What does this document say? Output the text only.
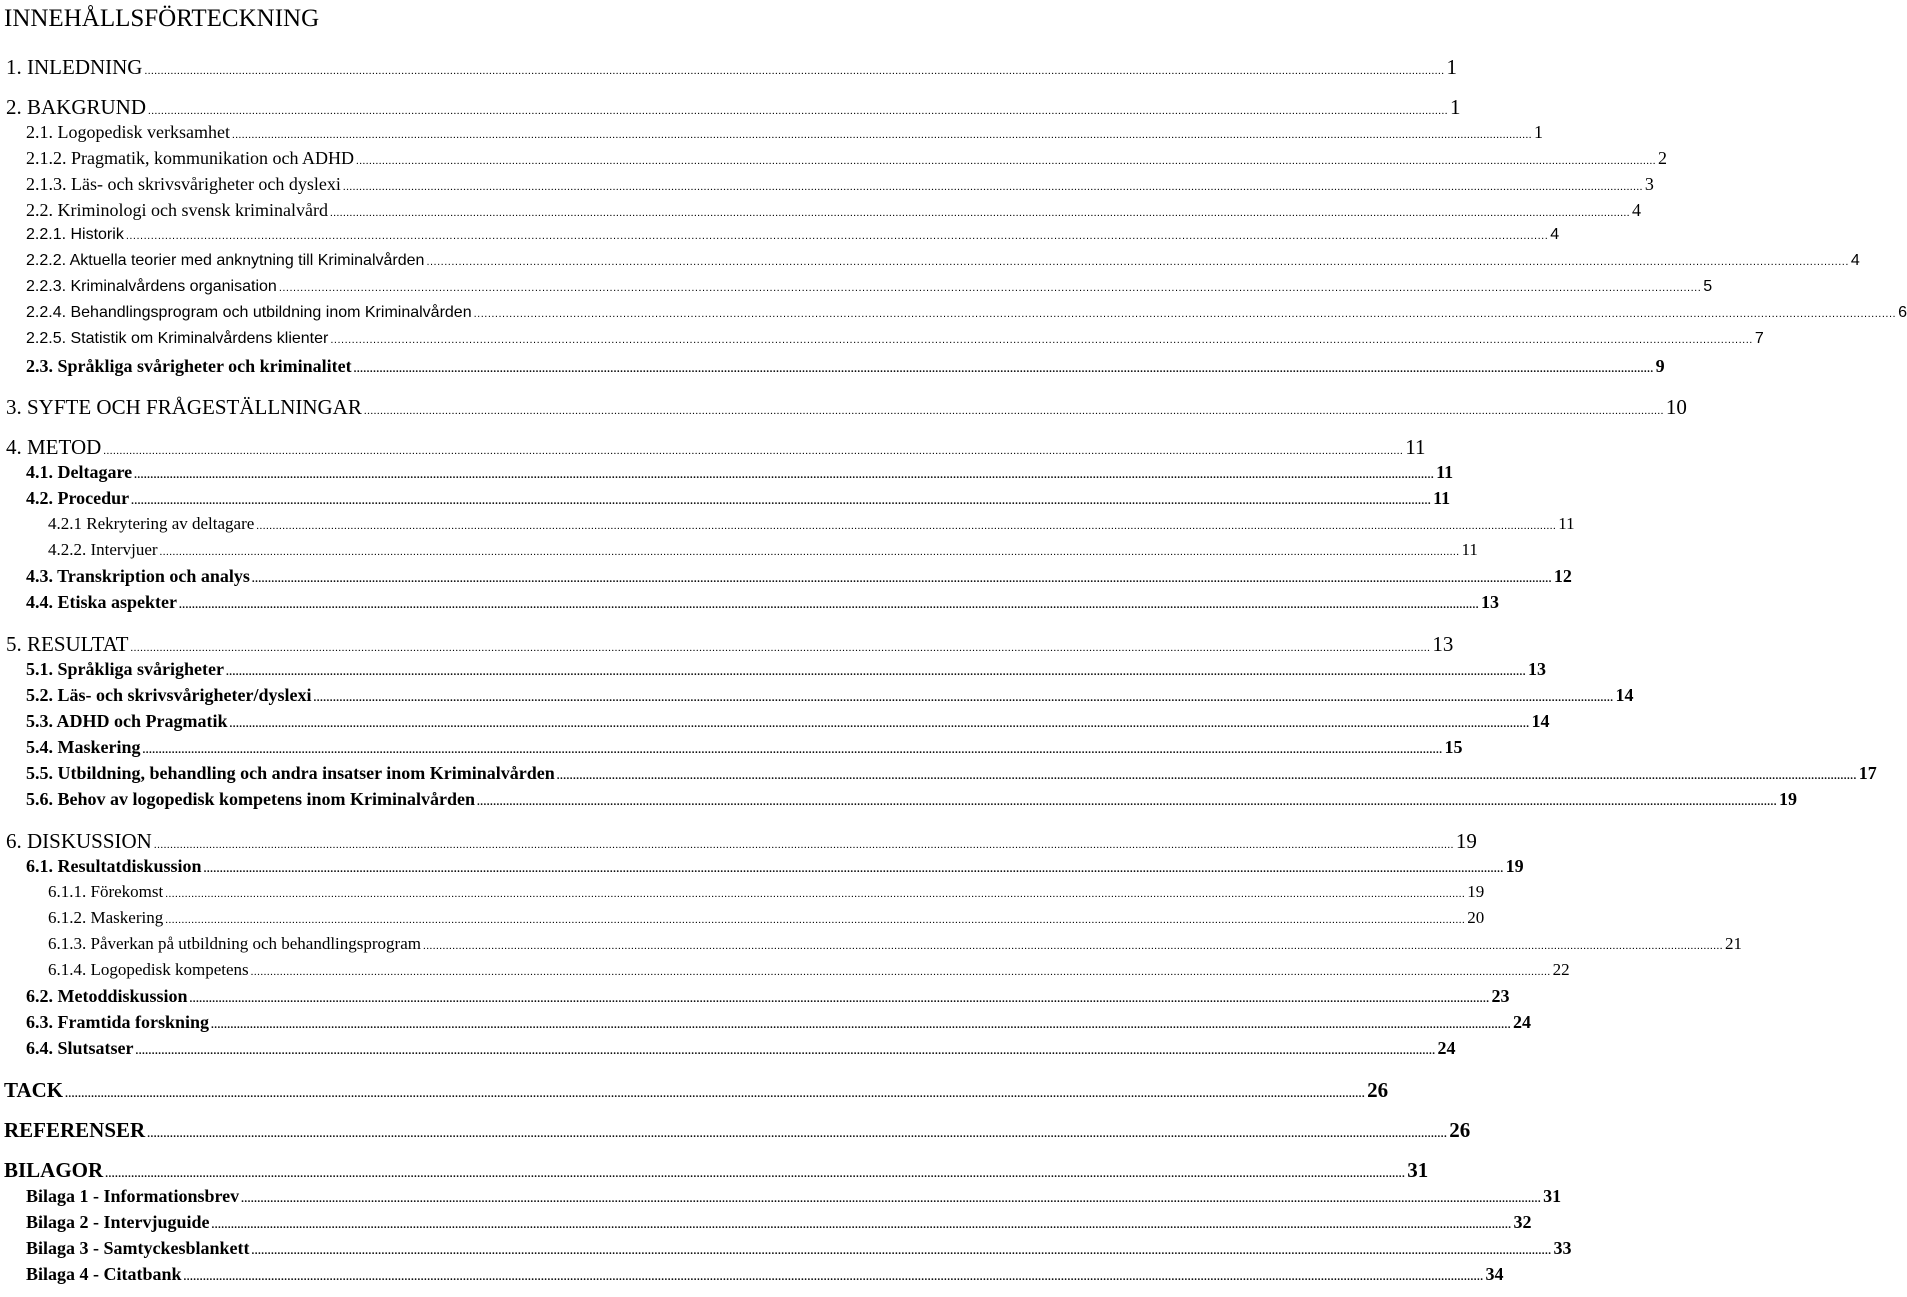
INNEHÅLLSFÖRTECKNING
1. INLEDNING ................................................................................................................................................................................................................................................................................................................................................................................................................ 1
2. BAKGRUND ................................................................................................................................................................................................................................................................................................................................................................................................................ 1
2.1. Logopedisk verksamhet ................................................................................................................................................................................................................................................................................................................................................................................................................ 1
2.1.2. Pragmatik, kommunikation och ADHD ................................................................................................................................................................................................................................................................................................................................................................................................................ 2
2.1.3. Läs- och skrivsvårigheter och dyslexi ................................................................................................................................................................................................................................................................................................................................................................................................................ 3
2.2. Kriminologi och svensk kriminalvård ................................................................................................................................................................................................................................................................................................................................................................................................................ 4
2.2.1. Historik ................................................................................................................................................................................................................................................................................................................................................................................................................ 4
2.2.2. Aktuella teorier med anknytning till Kriminalvården ................................................................................................................................................................................................................................................................................................................................................................................................................ 4
2.2.3. Kriminalvårdens organisation ................................................................................................................................................................................................................................................................................................................................................................................................................ 5
2.2.4. Behandlingsprogram och utbildning inom Kriminalvården ................................................................................................................................................................................................................................................................................................................................................................................................................ 6
2.2.5. Statistik om Kriminalvårdens klienter ................................................................................................................................................................................................................................................................................................................................................................................................................ 7
2.3. Språkliga svårigheter och kriminalitet ................................................................................................................................................................................................................................................................................................................................................................................................................ 9
3. SYFTE OCH FRÅGESTÄLLNINGAR ................................................................................................................................................................................................................................................................................................................................................................................................................ 10
4. METOD ................................................................................................................................................................................................................................................................................................................................................................................................................ 11
4.1. Deltagare ................................................................................................................................................................................................................................................................................................................................................................................................................ 11
4.2. Procedur ................................................................................................................................................................................................................................................................................................................................................................................................................ 11
4.2.1 Rekrytering av deltagare ................................................................................................................................................................................................................................................................................................................................................................................................................ 11
4.2.2. Intervjuer ................................................................................................................................................................................................................................................................................................................................................................................................................ 11
4.3. Transkription och analys ................................................................................................................................................................................................................................................................................................................................................................................................................ 12
4.4. Etiska aspekter ................................................................................................................................................................................................................................................................................................................................................................................................................ 13
5. RESULTAT ................................................................................................................................................................................................................................................................................................................................................................................................................ 13
5.1. Språkliga svårigheter ................................................................................................................................................................................................................................................................................................................................................................................................................ 13
5.2. Läs- och skrivsvårigheter/dyslexi ................................................................................................................................................................................................................................................................................................................................................................................................................ 14
5.3. ADHD och Pragmatik ................................................................................................................................................................................................................................................................................................................................................................................................................ 14
5.4. Maskering ................................................................................................................................................................................................................................................................................................................................................................................................................ 15
5.5. Utbildning, behandling och andra insatser inom Kriminalvården ................................................................................................................................................................................................................................................................................................................................................................................................................ 17
5.6. Behov av logopedisk kompetens inom Kriminalvården ................................................................................................................................................................................................................................................................................................................................................................................................................ 19
6. DISKUSSION ................................................................................................................................................................................................................................................................................................................................................................................................................ 19
6.1. Resultatdiskussion ................................................................................................................................................................................................................................................................................................................................................................................................................ 19
6.1.1. Förekomst ................................................................................................................................................................................................................................................................................................................................................................................................................ 19
6.1.2. Maskering ................................................................................................................................................................................................................................................................................................................................................................................................................ 20
6.1.3. Påverkan på utbildning och behandlingsprogram ................................................................................................................................................................................................................................................................................................................................................................................................................ 21
6.1.4. Logopedisk kompetens ................................................................................................................................................................................................................................................................................................................................................................................................................ 22
6.2. Metoddiskussion ................................................................................................................................................................................................................................................................................................................................................................................................................ 23
6.3. Framtida forskning ................................................................................................................................................................................................................................................................................................................................................................................................................ 24
6.4. Slutsatser ................................................................................................................................................................................................................................................................................................................................................................................................................ 24
TACK ................................................................................................................................................................................................................................................................................................................................................................................................................ 26
REFERENSER ................................................................................................................................................................................................................................................................................................................................................................................................................ 26
BILAGOR ................................................................................................................................................................................................................................................................................................................................................................................................................ 31
Bilaga 1 - Informationsbrev ................................................................................................................................................................................................................................................................................................................................................................................................................ 31
Bilaga 2 - Intervjuguide ................................................................................................................................................................................................................................................................................................................................................................................................................ 32
Bilaga 3 - Samtyckesblankett ................................................................................................................................................................................................................................................................................................................................................................................................................ 33
Bilaga 4 - Citatbank ................................................................................................................................................................................................................................................................................................................................................................................................................ 34
